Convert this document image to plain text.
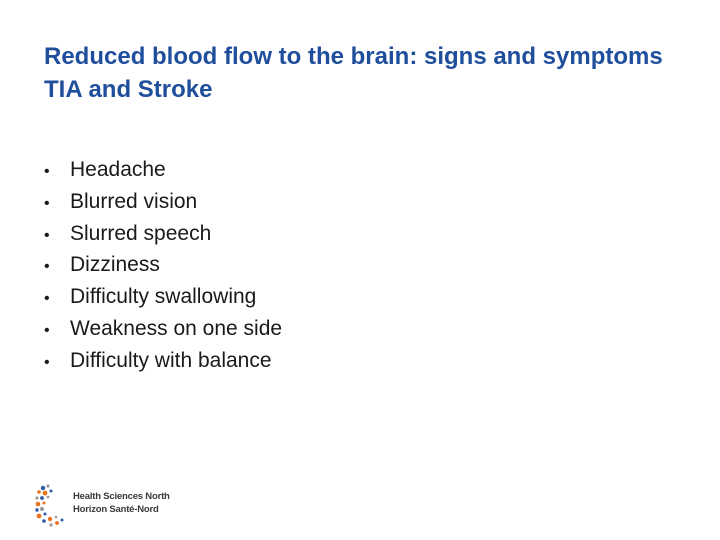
Reduced blood flow to the brain: signs and symptoms TIA and Stroke
• Headache
• Blurred vision
• Slurred speech
• Dizziness
• Difficulty swallowing
• Weakness on one side
• Difficulty with balance
Health Sciences North
Horizon Santé-Nord
